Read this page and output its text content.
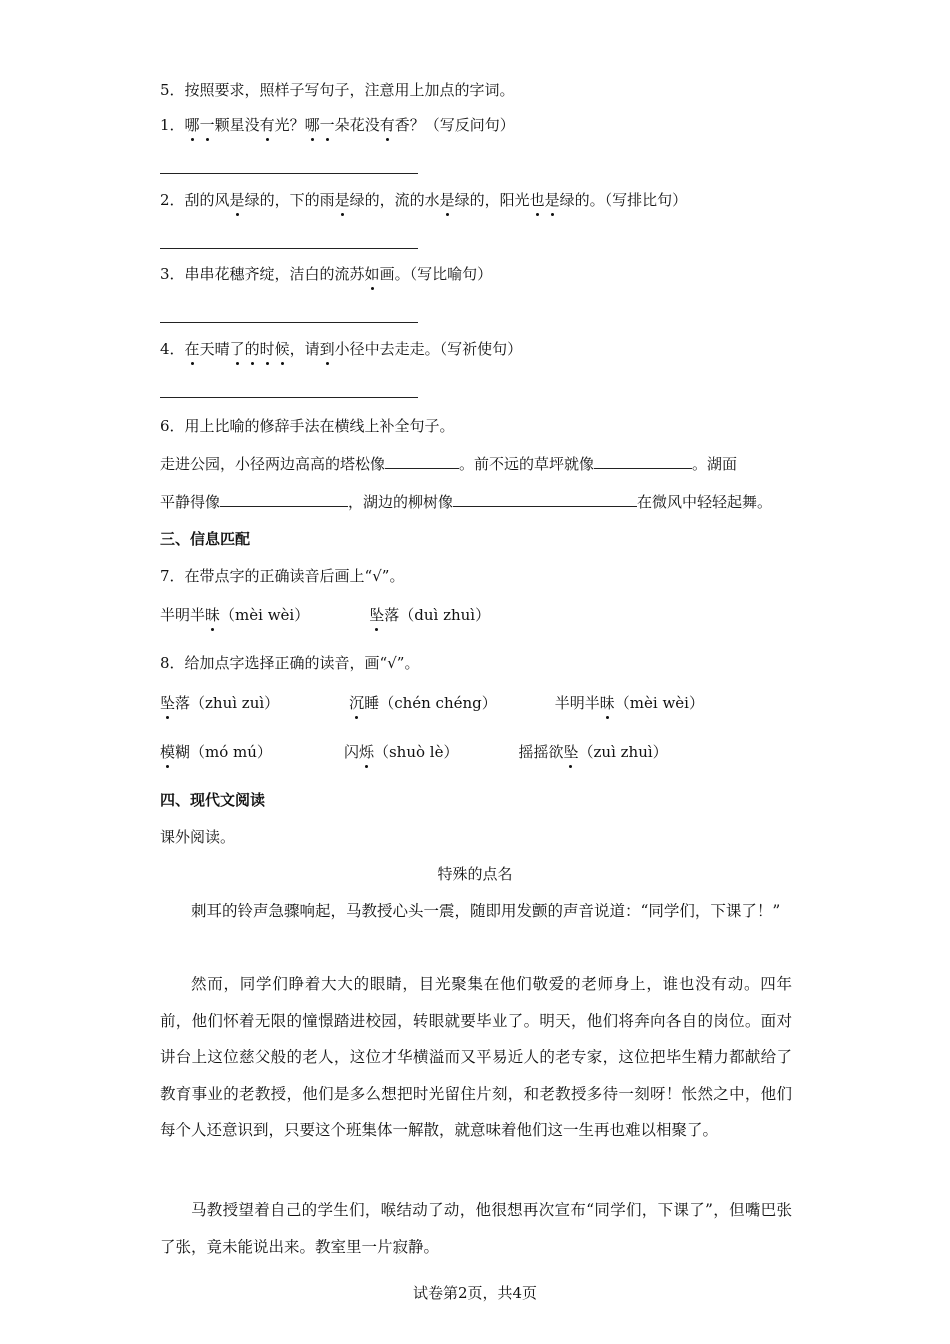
5．按照要求，照样子写句子，注意用上加点的字词。
1．哪一颗星没有光？哪一朵花没有香？（写反问句）
2．刮的风是绿的，下的雨是绿的，流的水是绿的，阳光也是绿的。（写排比句）
3．串串花穗齐绽，洁白的流苏如画。（写比喻句）
4．在天晴了的时候，请到小径中去走走。（写祈使句）
6．用上比喻的修辞手法在横线上补全句子。
走进公园，小径两边高高的塔松像	。前不远的草坪就像	。湖面
平静得像	，湖边的柳树像	在微风中轻轻起舞。
三、信息匹配
7．在带点字的正确读音后画上“√”。
半明半昧（mèi wèi）	坠落（duì zhuì）
8．给加点字选择正确的读音，画“√”。
坠落（zhuì zuì）	沉睡（chén chéng）	半明半昧（mèi wèi）
模糊（mó mú）	闪烁（shuò lè）	摇摇欲坠（zuì zhuì）
四、现代文阅读
课外阅读。
特殊的点名
刺耳的铃声急骤响起，马教授心头一震，随即用发颤的声音说道：“同学们，下课了！”
然而，同学们睁着大大的眼睛，目光聚集在他们敬爱的老师身上，谁也没有动。四年前，他们怀着无限的憧憬踏进校园，转眼就要毕业了。明天，他们将奔向各自的岗位。面对讲台上这位慈父般的老人，这位才华横溢而又平易近人的老专家，这位把毕生精力都献给了教育事业的老教授，他们是多么想把时光留住片刻，和老教授多待一刻呀！怅然之中，他们每个人还意识到，只要这个班集体一解散，就意味着他们这一生再也难以相聚了。
马教授望着自己的学生们，喉结动了动，他很想再次宣布“同学们，下课了”，但嘴巴张了张，竟未能说出来。教室里一片寂静。
试卷第2页，共4页
